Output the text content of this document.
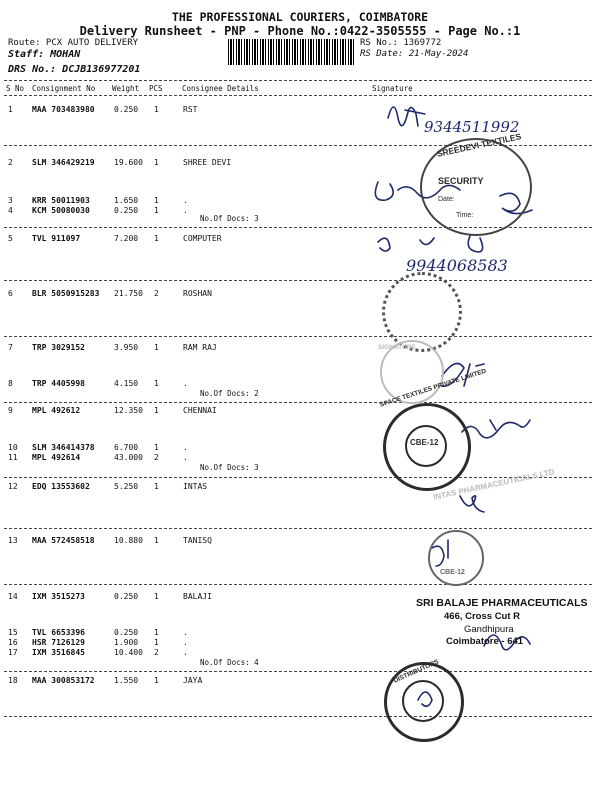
THE PROFESSIONAL COURIERS, COIMBATORE
Delivery Runsheet - PNP - Phone No.:0422-3505555 - Page No.:1
Route: PCX AUTO DELIVERY
Staff: MOHAN
DRS No.: DCJB136977201
RS No.: 1369772
RS Date: 21-May-2024
S No Consignment No Weight PCS	Consignee Details	Signature
1 MAA 703483980 0.250 1	RST
2 SLM 346429219 19.600 1	SHREE DEVI
3 KRR 50011903	1.650 1	.
4 KCM 50080030	0.250 1	.
No.Of Docs: 3
5 TVL 911097	7.200 1	COMPUTER
6 BLR 5050915283 21.750 2	ROSHAN
7 TRP 3029152	3.950 1	RAM RAJ
8 TRP 4405998	4.150 1	.
No.Of Docs: 2
9 MPL 492612	12.350 1	CHENNAI
10 SLM 346414378 6.700 1	.
11 MPL 492614	43.000 2	.
No.Of Docs: 3
12 EDQ 13553602	5.250 1	INTAS
13 MAA 572458518 10.880 1	TANISQ
14 IXM 3515273	0.250 1	BALAJI
15 TVL 6653396	0.250 1	.
16 HSR 7126129	1.900 1	.
17 IXM 3516845	10.400 2	.
No.Of Docs: 4
18 MAA 300853172 1.550 1	JAYA
9344511992
9944068583
SREEDEVI TEXTILES
SECURITY
Date:
Time:
SIGNATURE
SPACE TEXTILES PRIVATE LIMITED
CBE-12
INTAS PHARMACEUTICALS LTD
CBE-12
SRI BALAJE PHARMACEUTICALS
466, Cross Cut R
Gandhipura
Coimbatore - 641
DISTRIBUTORS
